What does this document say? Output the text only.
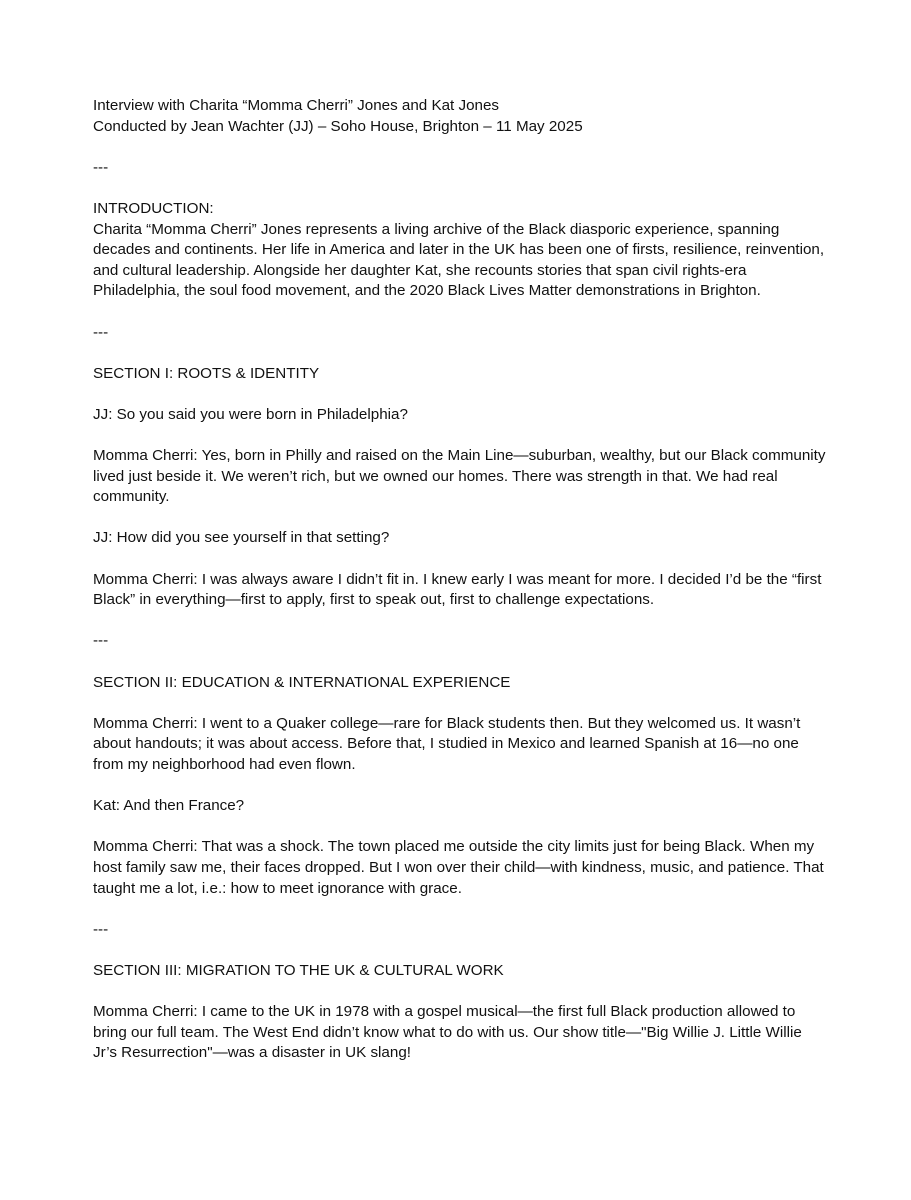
Interview with Charita “Momma Cherri” Jones and Kat Jones

Conducted by Jean Wachter (JJ) – Soho House, Brighton – 11 May 2025

---

INTRODUCTION:

Charita “Momma Cherri” Jones represents a living archive of the Black diasporic experience, spanning decades and continents. Her life in America and later in the UK has been one of firsts, resilience, reinvention, and cultural leadership. Alongside her daughter Kat, she recounts stories that span civil rights-era Philadelphia, the soul food movement, and the 2020 Black Lives Matter demonstrations in Brighton.

---

SECTION I: ROOTS & IDENTITY

JJ: So you said you were born in Philadelphia?

Momma Cherri: Yes, born in Philly and raised on the Main Line—suburban, wealthy, but our Black community lived just beside it. We weren’t rich, but we owned our homes. There was strength in that. We had real community.

JJ: How did you see yourself in that setting?

Momma Cherri: I was always aware I didn’t fit in. I knew early I was meant for more. I decided I’d be the “first Black” in everything—first to apply, first to speak out, first to challenge expectations.

---

SECTION II: EDUCATION & INTERNATIONAL EXPERIENCE

Momma Cherri: I went to a Quaker college—rare for Black students then. But they welcomed us. It wasn’t about handouts; it was about access. Before that, I studied in Mexico and learned Spanish at 16—no one from my neighborhood had even flown.

Kat: And then France?

Momma Cherri: That was a shock. The town placed me outside the city limits just for being Black. When my host family saw me, their faces dropped. But I won over their child—with kindness, music, and patience. That taught me a lot, i.e.: how to meet ignorance with grace.

---

SECTION III: MIGRATION TO THE UK & CULTURAL WORK

Momma Cherri: I came to the UK in 1978 with a gospel musical—the first full Black production allowed to bring our full team. The West End didn’t know what to do with us. Our show title—"Big Willie J. Little Willie Jr’s Resurrection"—was a disaster in UK slang!
